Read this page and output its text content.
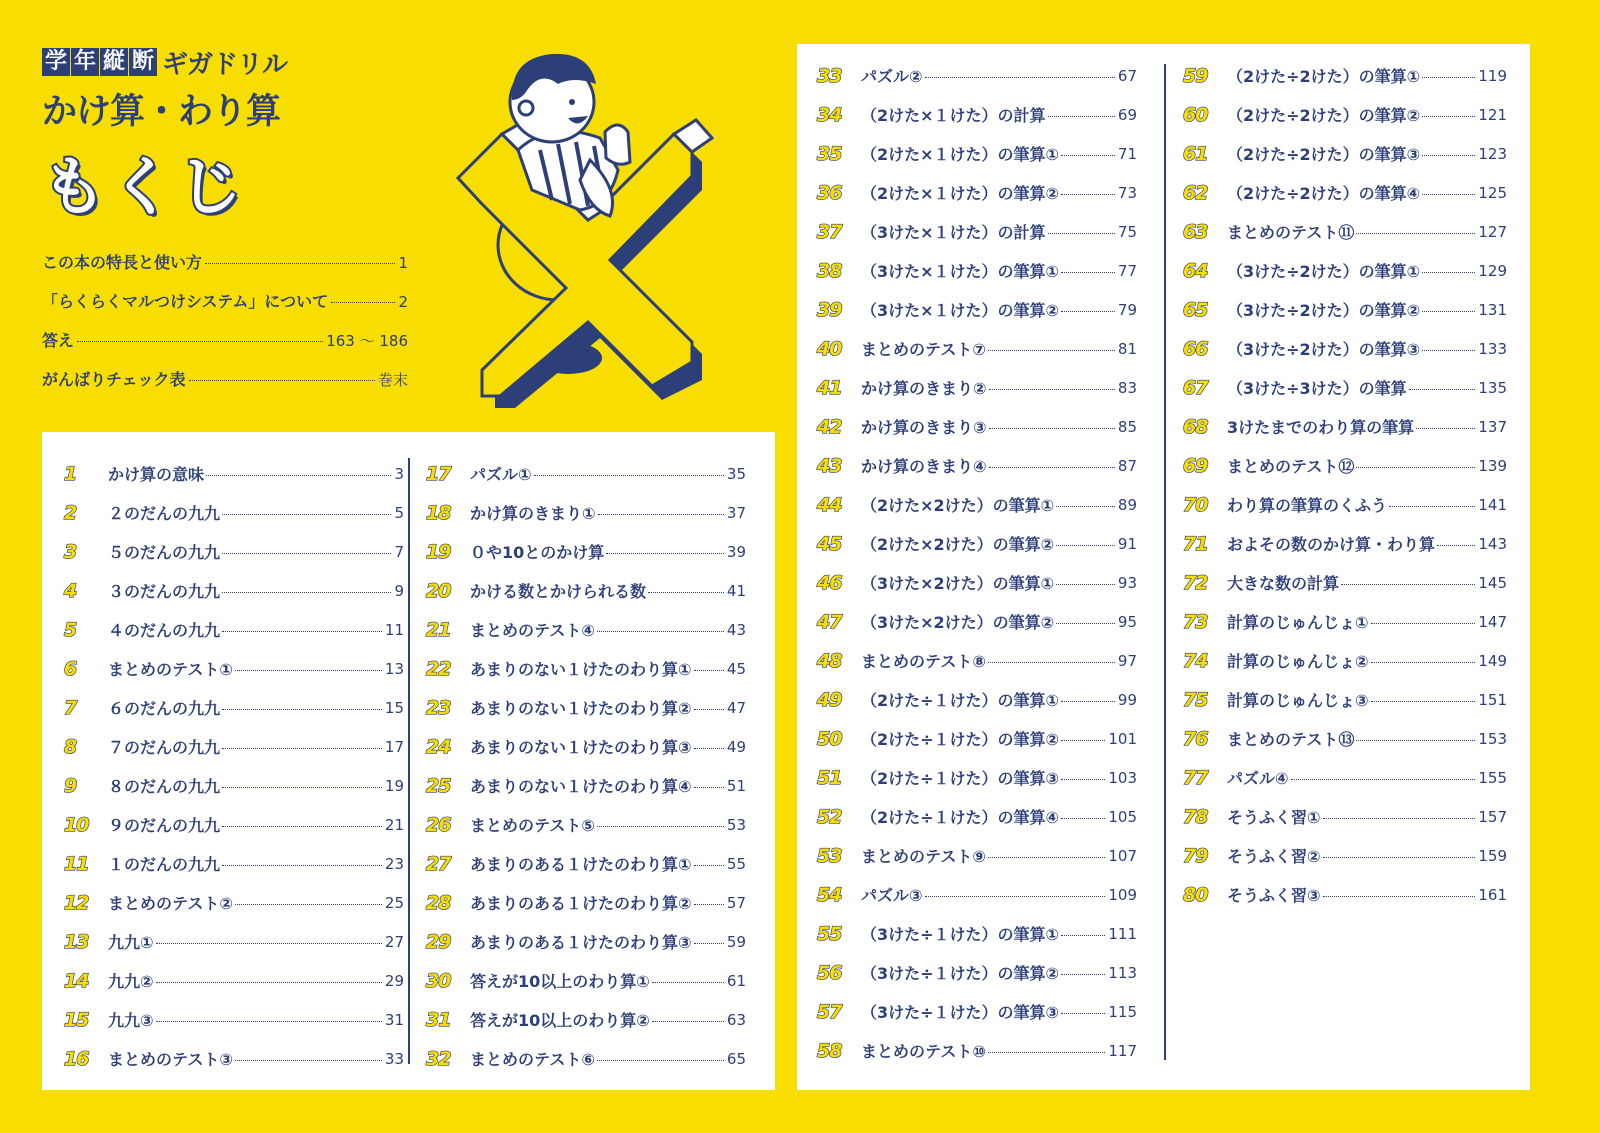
学 年 縦 断 ギガドリル
かけ算・わり算
もくじ
この本の特長と使い方	1
「らくらくマルつけシステム」について	2
答え	163 ～ 186
がんばりチェック表	巻末
1	かけ算の意味	3
2	２のだんの九九	5
3	５のだんの九九	7
4	３のだんの九九	9
5	４のだんの九九	11
6	まとめのテスト①	13
7	６のだんの九九	15
8	７のだんの九九	17
9	８のだんの九九	19
10	９のだんの九九	21
11	１のだんの九九	23
12	まとめのテスト②	25
13	九九①	27
14	九九②	29
15	九九③	31
16	まとめのテスト③	33
17	パズル①	35
18	かけ算のきまり①	37
19	０や10とのかけ算	39
20	かける数とかけられる数	41
21	まとめのテスト④	43
22	あまりのない１けたのわり算① 45
23	あまりのない１けたのわり算② 47
24	あまりのない１けたのわり算③ 49
25	あまりのない１けたのわり算④ 51
26	まとめのテスト⑤	53
27	あまりのある１けたのわり算① 55
28	あまりのある１けたのわり算② 57
29	あまりのある１けたのわり算③ 59
30	答えが10以上のわり算①	61
31	答えが10以上のわり算②	63
32	まとめのテスト⑥	65
33	パズル②	67
34	（2けた×１けた）の計算	69
35	（2けた×１けた）の筆算①	71
36	（2けた×１けた）の筆算②	73
37	（3けた×１けた）の計算	75
38	（3けた×１けた）の筆算①	77
39	（3けた×１けた）の筆算②	79
40	まとめのテスト⑦	81
41	かけ算のきまり②	83
42	かけ算のきまり③	85
43	かけ算のきまり④	87
44	（2けた×2けた）の筆算①	89
45	（2けた×2けた）の筆算②	91
46	（3けた×2けた）の筆算①	93
47	（3けた×2けた）の筆算②	95
48	まとめのテスト⑧	97
49	（2けた÷１けた）の筆算①	99
50	（2けた÷１けた）の筆算②	101
51	（2けた÷１けた）の筆算③	103
52	（2けた÷１けた）の筆算④	105
53	まとめのテスト⑨	107
54	パズル③	109
55	（3けた÷１けた）の筆算①	111
56	（3けた÷１けた）の筆算②	113
57	（3けた÷１けた）の筆算③	115
58	まとめのテスト⑩	117
59	（2けた÷2けた）の筆算①	119
60	（2けた÷2けた）の筆算②	121
61	（2けた÷2けた）の筆算③	123
62	（2けた÷2けた）の筆算④	125
63	まとめのテスト⑪	127
64	（3けた÷2けた）の筆算①	129
65	（3けた÷2けた）の筆算②	131
66	（3けた÷2けた）の筆算③	133
67	（3けた÷3けた）の筆算	135
68	3けたまでのわり算の筆算	137
69	まとめのテスト⑫	139
70	わり算の筆算のくふう	141
71	およその数のかけ算・わり算	143
72	大きな数の計算	145
73	計算のじゅんじょ①	147
74	計算のじゅんじょ②	149
75	計算のじゅんじょ③	151
76	まとめのテスト⑬	153
77	パズル④	155
78	そうふく習①	157
79	そうふく習②	159
80	そうふく習③	161
